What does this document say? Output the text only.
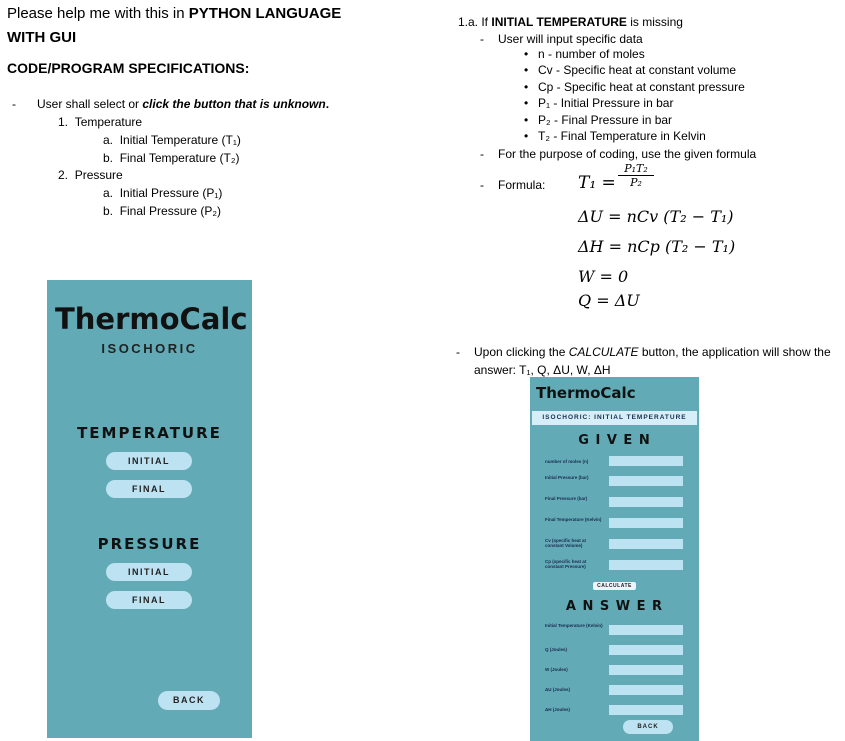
Please help me with this in PYTHON LANGUAGE
WITH GUI
CODE/PROGRAM SPECIFICATIONS:
- User shall select or click the button that is unknown.
1. Temperature
a. Initial Temperature (T₁)
b. Final Temperature (T₂)
2. Pressure
a. Initial Pressure (P₁)
b. Final Pressure (P₂)
ThermoCalc
ISOCHORIC
TEMPERATURE
INITIAL
FINAL
PRESSURE
INITIAL
FINAL
BACK
1.a. If INITIAL TEMPERATURE is missing
- User will input specific data
• n - number of moles
• Cv - Specific heat at constant volume
• Cp - Specific heat at constant pressure
• P₁ - Initial Pressure in bar
• P₂ - Final Pressure in bar
• T₂ - Final Temperature in Kelvin
- For the purpose of coding, use the given formula
- Formula: $T_1 = \frac{\text{P₁T₂}}{\text{P₂}}$
ΔU = nCv (T₂ − T₁)
ΔH = nCp (T₂ − T₁)
W = 0
Q = ΔU
- Upon clicking the CALCULATE button, the application will show the
answer: T₁, Q, ΔU, W, ΔH
ThermoCalc
ISOCHORIC: INITIAL TEMPERATURE
G I V E N
number of moles (n)
Initial Pressure (bar)
Final Pressure (bar)
Final Temperature (Kelvin)
Cv (specific heat at constant Volume)
Cp (specific heat at constant Pressure)
CALCULATE
A N S W E R
Initial Temperature (Kelvin)
Q (Joules)
W (Joules)
ΔU (Joules)
ΔH (Joules)
BACK
